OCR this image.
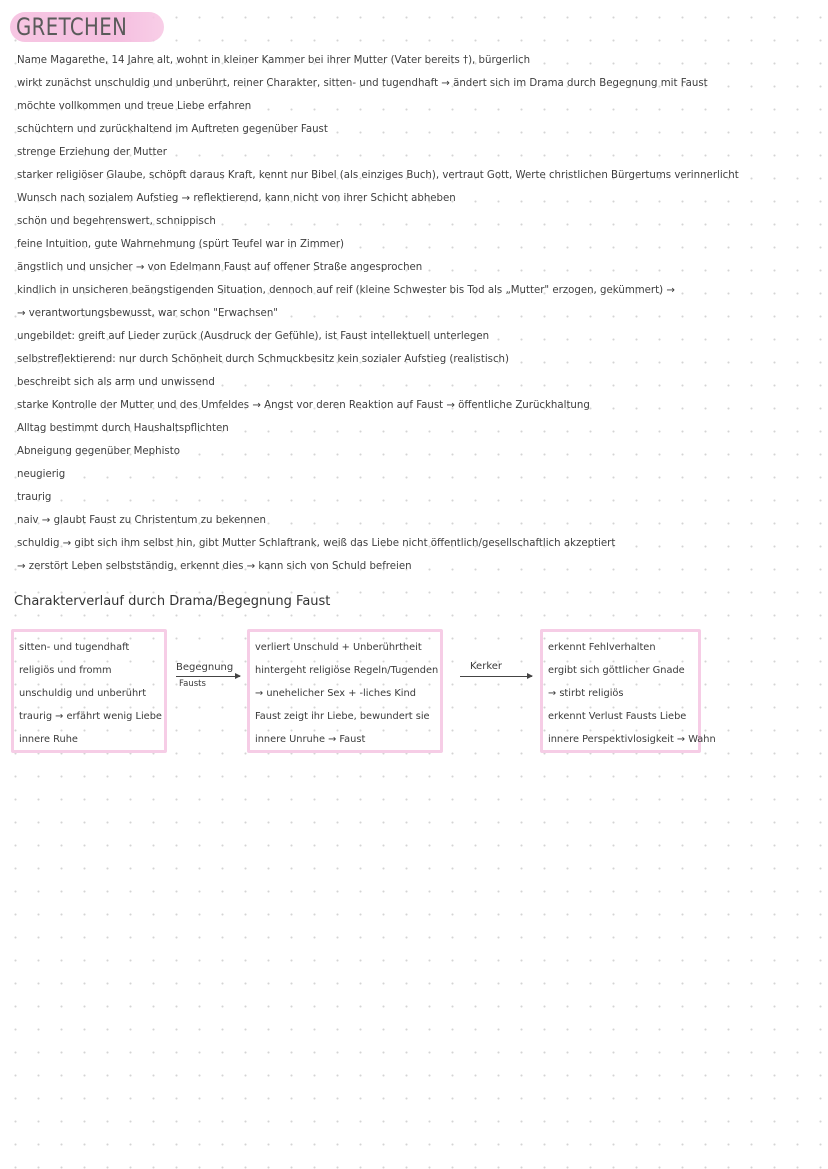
GRETCHEN
Name Magarethe, 14 Jahre alt, wohnt in kleiner Kammer bei ihrer Mutter (Vater bereits †), bürgerlich
wirkt zunächst unschuldig und unberührt, reiner Charakter, sitten- und tugendhaft → ändert sich im Drama durch Begegnung mit Faust
möchte vollkommen und treue Liebe erfahren
schüchtern und zurückhaltend im Auftreten gegenüber Faust
strenge Erziehung der Mutter
starker religiöser Glaube, schöpft daraus Kraft, kennt nur Bibel (als einziges Buch), vertraut Gott, Werte christlichen Bürgertums verinnerlicht
Wunsch nach sozialem Aufstieg → reflektierend, kann nicht von ihrer Schicht abheben
schön und begehrenswert, schnippisch
feine Intuition, gute Wahrnehmung (spürt Teufel war in Zimmer)
ängstlich und unsicher → von Edelmann Faust auf offener Straße angesprochen
kindlich in unsicheren beängstigenden Situation, dennoch auf reif (kleine Schwester bis Tod als „Mutter" erzogen, gekümmert) →
→ verantwortungsbewusst, war schon "Erwachsen"
ungebildet: greift auf Lieder zurück (Ausdruck der Gefühle), ist Faust intellektuell unterlegen
selbstreflektierend: nur durch Schönheit durch Schmuckbesitz kein sozialer Aufstieg (realistisch)
beschreibt sich als arm und unwissend
starke Kontrolle der Mutter und des Umfeldes → Angst vor deren Reaktion auf Faust → öffentliche Zurückhaltung
Alltag bestimmt durch Haushaltspflichten
Abneigung gegenüber Mephisto
neugierig
traurig
naiv → glaubt Faust zu Christentum zu bekennen
schuldig → gibt sich ihm selbst hin, gibt Mutter Schlaftrank, weiß das Liebe nicht öffentlich/gesellschaftlich akzeptiert
→ zerstört Leben selbstständig, erkennt dies → kann sich von Schuld befreien
Charakterverlauf durch Drama/Begegnung Faust
sitten- und tugendhaft
religiös und fromm
unschuldig und unberührt
traurig → erfährt wenig Liebe
innere Ruhe
Begegnung
Fausts
verliert Unschuld + Unberührtheit
hintergeht religiöse Regeln/Tugenden
→ unehelicher Sex + -liches Kind
Faust zeigt ihr Liebe, bewundert sie
innere Unruhe → Faust
Kerker
erkennt Fehlverhalten
ergibt sich göttlicher Gnade
→ stirbt religiös
erkennt Verlust Fausts Liebe
innere Perspektivlosigkeit → Wahn
